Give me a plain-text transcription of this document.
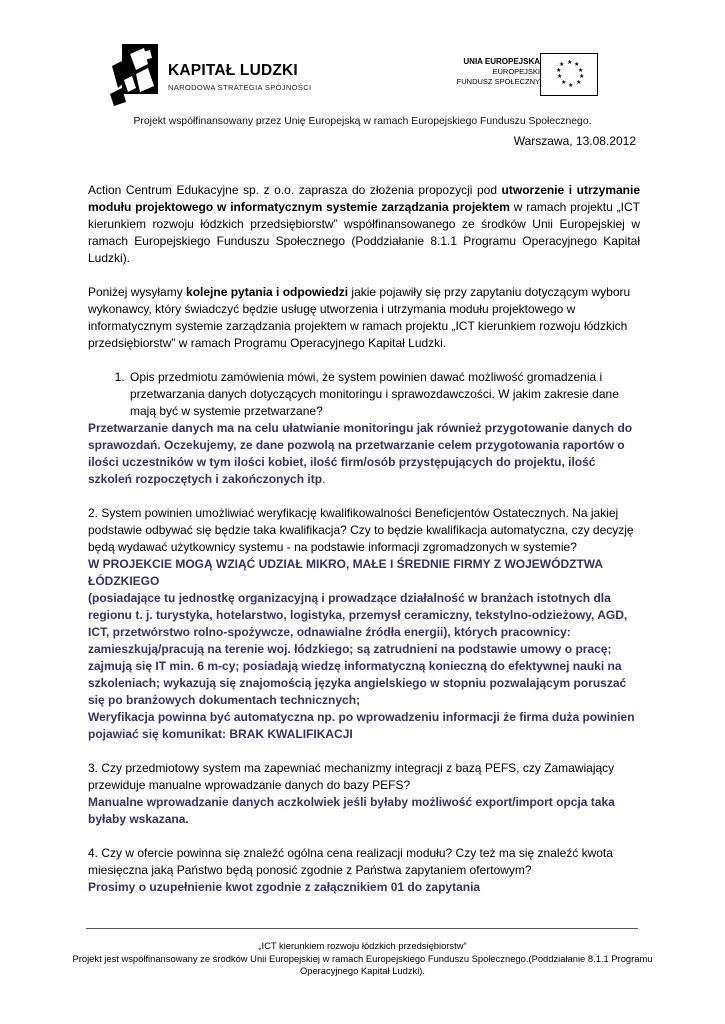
KAPITAŁ LUDZKI
NARODOWA STRATEGIA SPÓJNOŚCI
UNIA EUROPEJSKA
EUROPEJSKI
FUNDUSZ SPOŁECZNY
★ ★
★
★
★
★
★
★
★
★
Projekt współfinansowany przez Unię Europejską w ramach Europejskiego Funduszu Społecznego.
Warszawa, 13.08.2012

Action Centrum Edukacyjne sp. z o.o. zaprasza do złożenia propozycji pod utworzenie i utrzymanie modułu projektowego w informatycznym systemie zarządzania projektem w ramach projektu „ICT kierunkiem rozwoju łódzkich przedsiębiorstw” współfinansowanego ze środków Unii Europejskiej w ramach Europejskiego Funduszu Społecznego (Poddziałanie 8.1.1 Programu Operacyjnego Kapitał Ludzki).

Poniżej wysyłamy kolejne pytania i odpowiedzi jakie pojawiły się przy zapytaniu dotyczącym wyboru wykonawcy, który świadczyć będzie usługę utworzenia i utrzymania modułu projektowego w informatycznym systemie zarządzania projektem w ramach projektu „ICT kierunkiem rozwoju łódzkich przedsiębiorstw” w ramach Programu Operacyjnego Kapitał Ludzki.

1. Opis przedmiotu zamówienia mówi, że system powinien dawać możliwość gromadzenia i przetwarzania danych dotyczących monitoringu i sprawozdawczości. W jakim zakresie dane mają być w systemie przetwarzane?

Przetwarzanie danych ma na celu ułatwianie monitoringu jak również przygotowanie danych do sprawozdań. Oczekujemy, ze dane pozwolą na przetwarzanie celem przygotowania raportów o ilości uczestników w tym ilości kobiet, ilość firm/osób przystępujących do projektu, ilość szkoleń rozpoczętych i zakończonych itp.

2. System powinien umożliwiać weryfikację kwalifikowalności Beneficjentów Ostatecznych. Na jakiej podstawie odbywać się będzie taka kwalifikacja? Czy to będzie kwalifikacja automatyczna, czy decyzję będą wydawać użytkownicy systemu - na podstawie informacji zgromadzonych w systemie?

W PROJEKCIE MOGĄ WZIĄĆ UDZIAŁ MIKRO, MAŁE I ŚREDNIE FIRMY Z WOJEWÓDZTWA ŁÓDZKIEGO

(posiadające tu jednostkę organizacyjną i prowadzące działalność w branżach istotnych dla regionu t. j. turystyka, hotelarstwo, logistyka, przemysł ceramiczny, tekstylno-odzieżowy, AGD, ICT, przetwórstwo rolno-spożywcze, odnawialne źródła energii), których pracownicy:

zamieszkują/pracują na terenie woj. łódzkiego; są zatrudnieni na podstawie umowy o pracę; zajmują się IT min. 6 m-cy; posiadają wiedzę informatyczną konieczną do efektywnej nauki na szkoleniach; wykazują się znajomością języka angielskiego w stopniu pozwalającym poruszać się po branżowych dokumentach technicznych;

Weryfikacja powinna być automatyczna np. po wprowadzeniu informacji że firma duża powinien pojawiać się komunikat: BRAK KWALIFIKACJI

3. Czy przedmiotowy system ma zapewniać mechanizmy integracji z bazą PEFS, czy Zamawiający przewiduje manualne wprowadzanie danych do bazy PEFS?

Manualne wprowadzanie danych aczkolwiek jeśli byłaby możliwość export/import opcja taka byłaby wskazana.

4. Czy w ofercie powinna się znaleźć ogólna cena realizacji modułu? Czy też ma się znaleźć kwota miesięczna jaką Państwo będą ponosić zgodnie z Państwa zapytaniem ofertowym?

Prosimy o uzupełnienie kwot zgodnie z załącznikiem 01 do zapytania

„ICT kierunkiem rozwoju łódzkich przedsiębiorstw”
Projekt jest współfinansowany ze środków Unii Europejskiej w ramach Europejskiego Funduszu Społecznego.(Poddziałanie 8.1.1 Programu Operacyjnego Kapitał Ludzki).
